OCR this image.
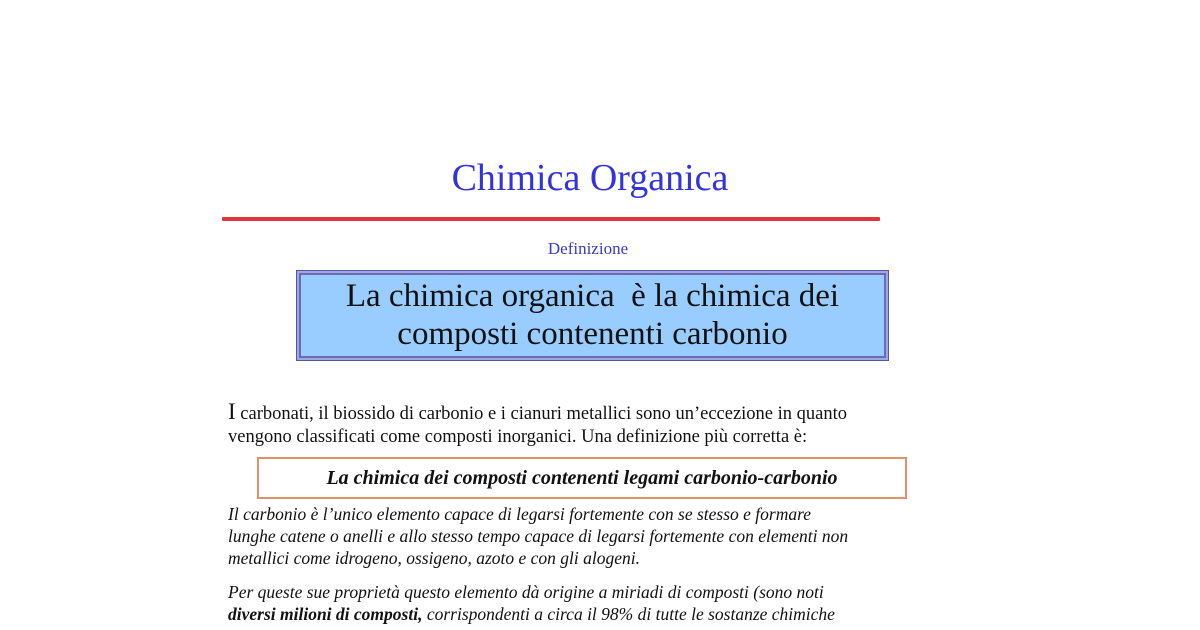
Chimica Organica
Definizione
La chimica organica  è la chimica dei
composti contenenti carbonio
I carbonati, il biossido di carbonio e i cianuri metallici sono un’eccezione in quanto
vengono classificati come composti inorganici. Una definizione più corretta è:
La chimica dei composti contenenti legami carbonio-carbonio
Il carbonio è l’unico elemento capace di legarsi fortemente con se stesso e formare
lunghe catene o anelli e allo stesso tempo capace di legarsi fortemente con elementi non
metallici come idrogeno, ossigeno, azoto e con gli alogeni.
Per queste sue proprietà questo elemento dà origine a miriadi di composti (sono noti
diversi milioni di composti, corrispondenti a circa il 98% di tutte le sostanze chimiche
